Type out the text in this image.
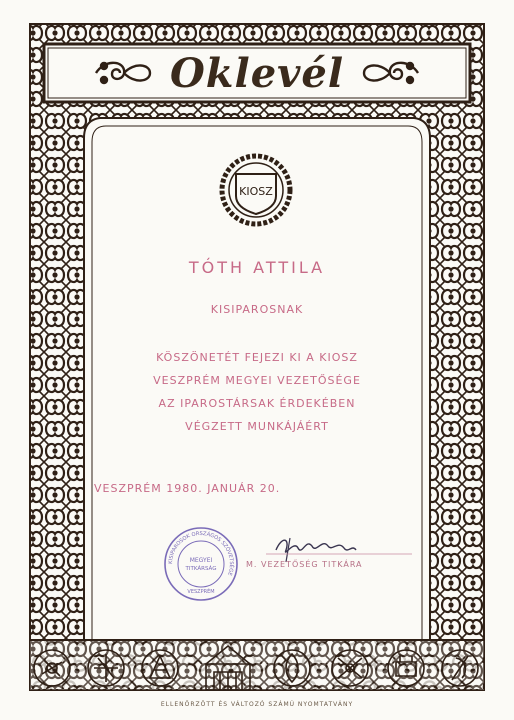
Oklevél
KIOSZ
TÓTH ATTILA
KISIPAROSNAK
KÖSZÖNETÉT FEJEZI KI A KIOSZ
VESZPRÉM MEGYEI VEZETŐSÉGE
AZ IPAROSTÁRSAK ÉRDEKÉBEN
VÉGZETT MUNKÁJÁÉRT
VESZPRÉM 1980. JANUÁR 20.
KISIPAROSOK ORSZÁGOS SZÖVETSÉGE
MEGYEI
TITKÁRSÁG
VESZPRÉM
M. VEZETŐSÉG TITKÁRA
ELLENŐRZÖTT ÉS VÁLTOZÓ SZÁMÚ NYOMTATVÁNY
